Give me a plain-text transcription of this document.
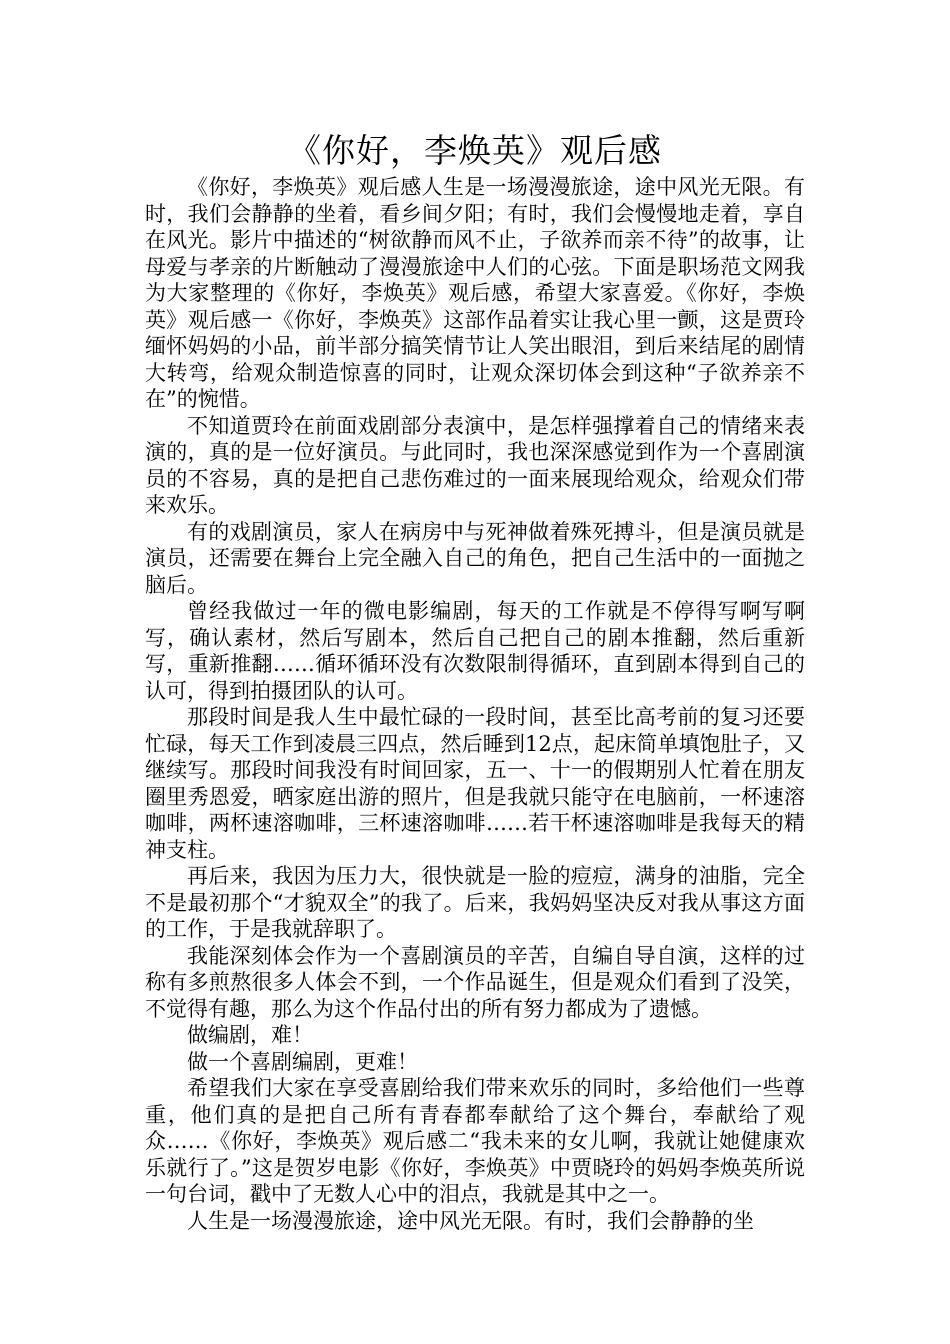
《你好，李焕英》观后感

《你好，李焕英》观后感人生是一场漫漫旅途，途中风光无限。有时，我们会静静的坐着，看乡间夕阳；有时，我们会慢慢地走着，享自在风光。影片中描述的“树欲静而风不止，子欲养而亲不待”的故事，让母爱与孝亲的片断触动了漫漫旅途中人们的心弦。下面是职场范文网我为大家整理的《你好，李焕英》观后感，希望大家喜爱。《你好，李焕英》观后感一《你好，李焕英》这部作品着实让我心里一颤，这是贾玲缅怀妈妈的小品，前半部分搞笑情节让人笑出眼泪，到后来结尾的剧情大转弯，给观众制造惊喜的同时，让观众深切体会到这种“子欲养亲不在”的惋惜。

不知道贾玲在前面戏剧部分表演中，是怎样强撑着自己的情绪来表演的，真的是一位好演员。与此同时，我也深深感觉到作为一个喜剧演员的不容易，真的是把自己悲伤难过的一面来展现给观众，给观众们带来欢乐。

有的戏剧演员，家人在病房中与死神做着殊死搏斗，但是演员就是演员，还需要在舞台上完全融入自己的角色，把自己生活中的一面抛之脑后。

曾经我做过一年的微电影编剧，每天的工作就是不停得写啊写啊写，确认素材，然后写剧本，然后自己把自己的剧本推翻，然后重新写，重新推翻……循环循环没有次数限制得循环，直到剧本得到自己的认可，得到拍摄团队的认可。

那段时间是我人生中最忙碌的一段时间，甚至比高考前的复习还要忙碌，每天工作到凌晨三四点，然后睡到12点，起床简单填饱肚子，又继续写。那段时间我没有时间回家，五一、十一的假期别人忙着在朋友圈里秀恩爱，晒家庭出游的照片，但是我就只能守在电脑前，一杯速溶咖啡，两杯速溶咖啡，三杯速溶咖啡……若干杯速溶咖啡是我每天的精神支柱。

再后来，我因为压力大，很快就是一脸的痘痘，满身的油脂，完全不是最初那个“才貌双全”的我了。后来，我妈妈坚决反对我从事这方面的工作，于是我就辞职了。

我能深刻体会作为一个喜剧演员的辛苦，自编自导自演，这样的过称有多煎熬很多人体会不到，一个作品诞生，但是观众们看到了没笑，不觉得有趣，那么为这个作品付出的所有努力都成为了遗憾。

做编剧，难！

做一个喜剧编剧，更难！

希望我们大家在享受喜剧给我们带来欢乐的同时，多给他们一些尊重，他们真的是把自己所有青春都奉献给了这个舞台，奉献给了观众……《你好，李焕英》观后感二“我未来的女儿啊，我就让她健康欢乐就行了。”这是贺岁电影《你好，李焕英》中贾晓玲的妈妈李焕英所说一句台词，戳中了无数人心中的泪点，我就是其中之一。

人生是一场漫漫旅途，途中风光无限。有时，我们会静静的坐
